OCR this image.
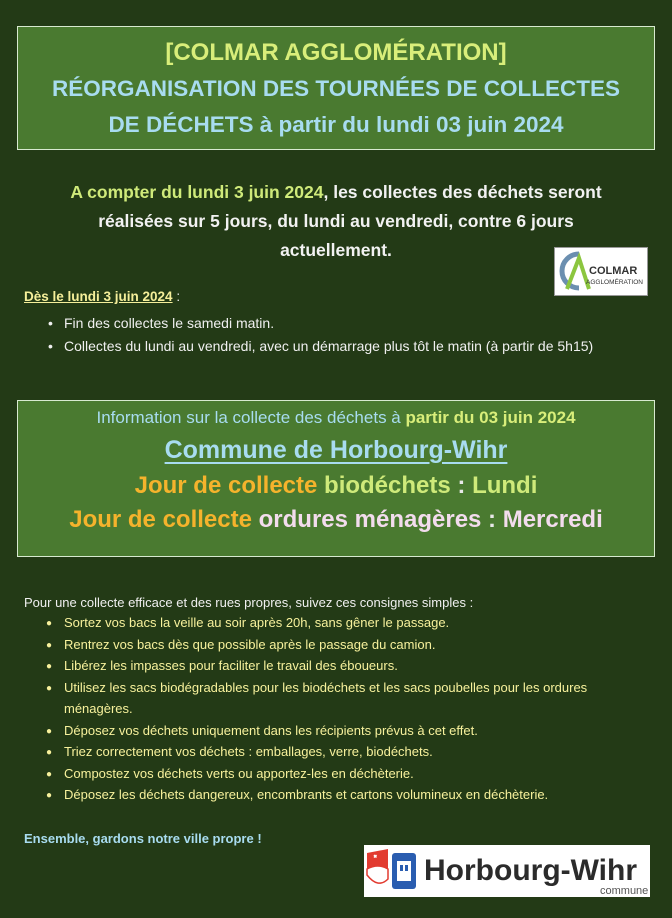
[COLMAR AGGLOMÉRATION]
RÉORGANISATION DES TOURNÉES DE COLLECTES
DE DÉCHETS à partir du lundi 03 juin 2024
A compter du lundi 3 juin 2024, les collectes des déchets seront
réalisées sur 5 jours, du lundi au vendredi, contre 6 jours
actuellement.
COLMAR
AGGLOMÉRATION
Dès le lundi 3 juin 2024 :
• Fin des collectes le samedi matin.
• Collectes du lundi au vendredi, avec un démarrage plus tôt le matin (à partir de 5h15)
Information sur la collecte des déchets à partir du 03 juin 2024
Commune de Horbourg-Wihr
Jour de collecte biodéchets : Lundi
Jour de collecte ordures ménagères : Mercredi
Pour une collecte efficace et des rues propres, suivez ces consignes simples :
● Sortez vos bacs la veille au soir après 20h, sans gêner le passage.
● Rentrez vos bacs dès que possible après le passage du camion.
● Libérez les impasses pour faciliter le travail des éboueurs.
● Utilisez les sacs biodégradables pour les biodéchets et les sacs poubelles pour les ordures ménagères.
● Déposez vos déchets uniquement dans les récipients prévus à cet effet.
● Triez correctement vos déchets : emballages, verre, biodéchets.
● Compostez vos déchets verts ou apportez-les en déchèterie.
● Déposez les déchets dangereux, encombrants et cartons volumineux en déchèterie.
Ensemble, gardons notre ville propre !
Horbourg-Wihr
commune
